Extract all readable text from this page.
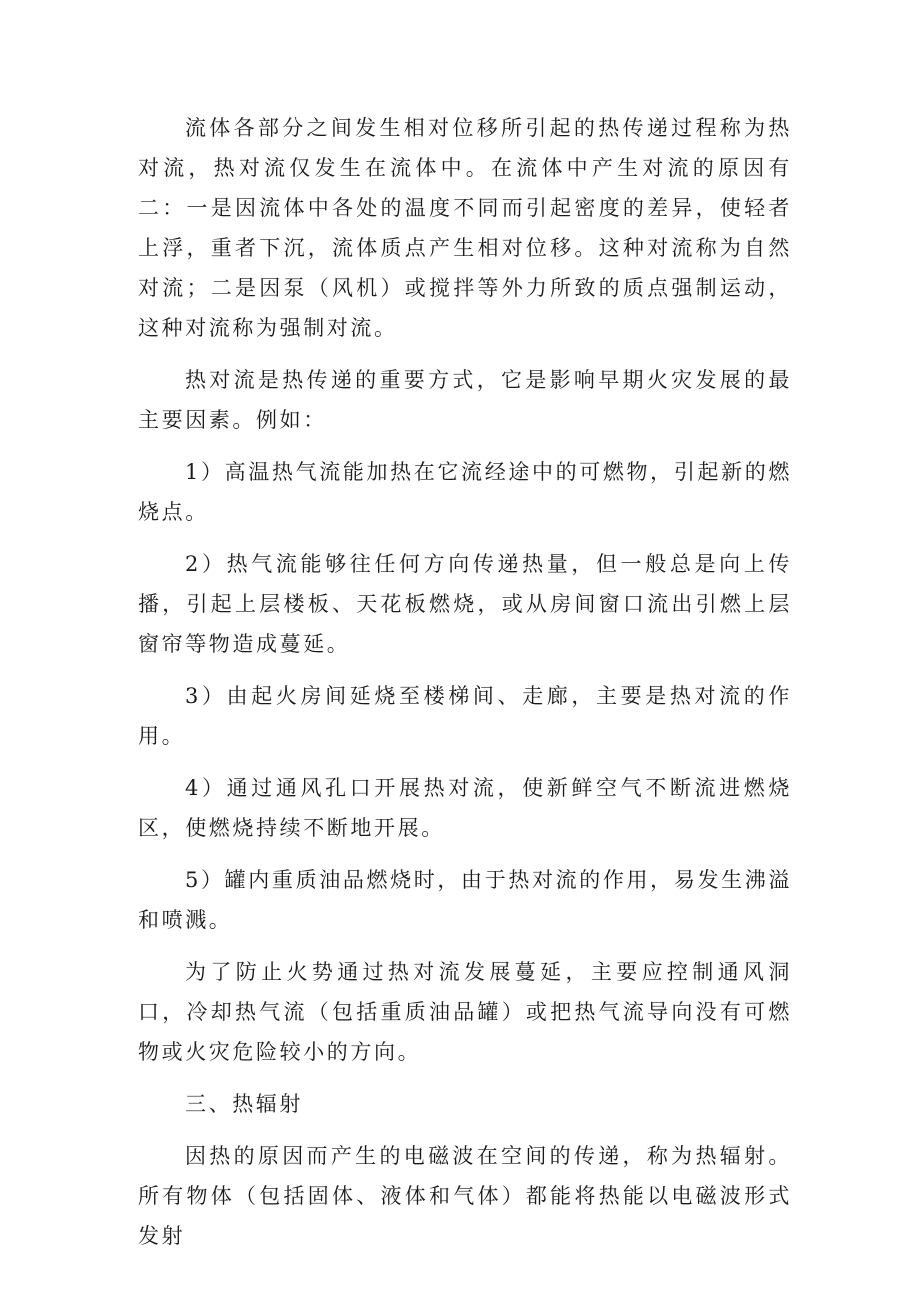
流体各部分之间发生相对位移所引起的热传递过程称为热对流，热对流仅发生在流体中。在流体中产生对流的原因有二：一是因流体中各处的温度不同而引起密度的差异，使轻者上浮，重者下沉，流体质点产生相对位移。这种对流称为自然对流；二是因泵（风机）或搅拌等外力所致的质点强制运动，这种对流称为强制对流。

热对流是热传递的重要方式，它是影响早期火灾发展的最主要因素。例如：

1）高温热气流能加热在它流经途中的可燃物，引起新的燃烧点。

2）热气流能够往任何方向传递热量，但一般总是向上传播，引起上层楼板、天花板燃烧，或从房间窗口流出引燃上层窗帘等物造成蔓延。

3）由起火房间延烧至楼梯间、走廊，主要是热对流的作用。

4）通过通风孔口开展热对流，使新鲜空气不断流进燃烧区，使燃烧持续不断地开展。

5）罐内重质油品燃烧时，由于热对流的作用，易发生沸溢和喷溅。

为了防止火势通过热对流发展蔓延，主要应控制通风洞口，冷却热气流（包括重质油品罐）或把热气流导向没有可燃物或火灾危险较小的方向。

三、热辐射

因热的原因而产生的电磁波在空间的传递，称为热辐射。所有物体（包括固体、液体和气体）都能将热能以电磁波形式发射
